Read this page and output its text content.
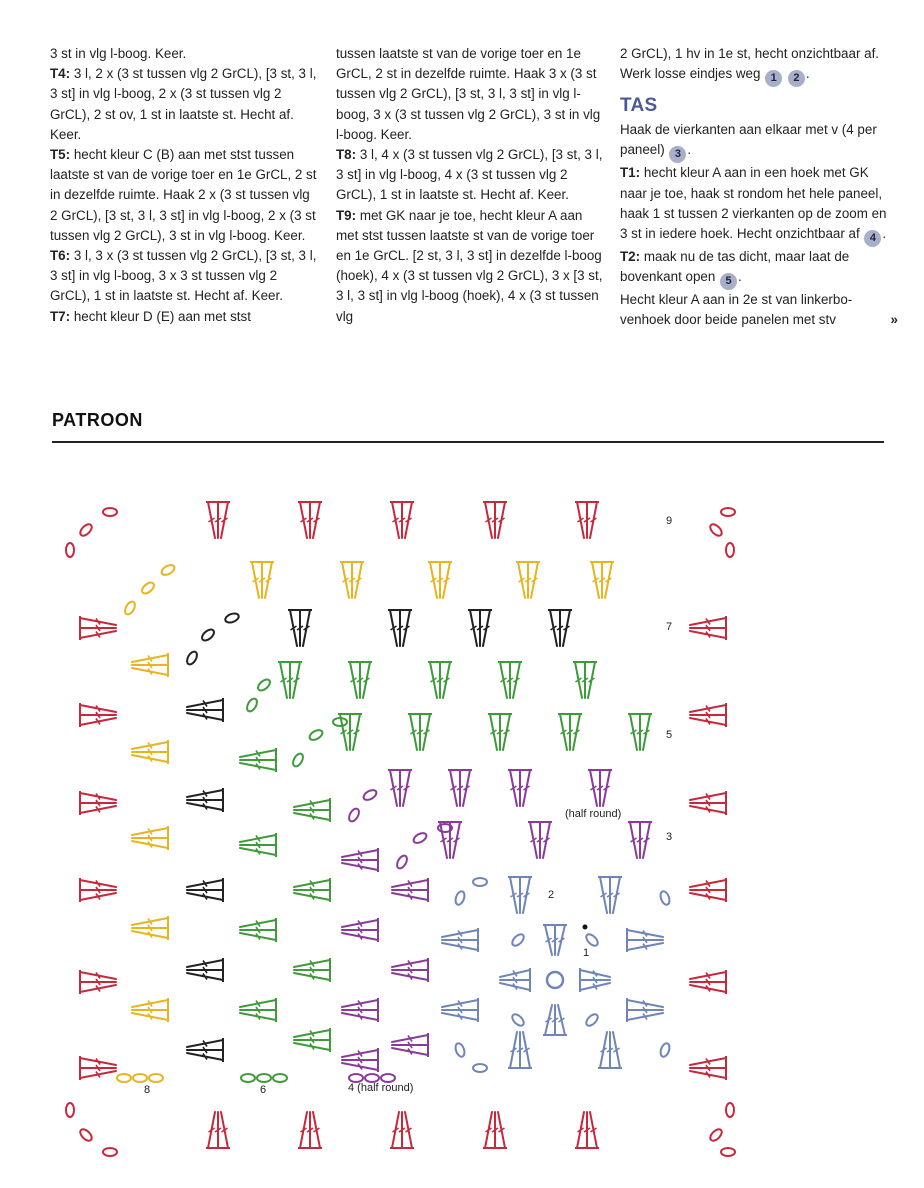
3 st in vlg l-boog. Keer.

T4: 3 l, 2 x (3 st tussen vlg 2 GrCL), [3 st, 3 l, 3 st] in vlg l-boog, 2 x (3 st tussen vlg 2 GrCL), 2 st ov, 1 st in laatste st. Hecht af. Keer.

T5: hecht kleur C (B) aan met stst tussen laatste st van de vorige toer en 1e GrCL, 2 st in dezelfde ruimte. Haak 2 x (3 st tussen vlg 2 GrCL), [3 st, 3 l, 3 st] in vlg l-boog, 2 x (3 st tussen vlg 2 GrCL), 3 st in vlg l-boog. Keer.

T6: 3 l, 3 x (3 st tussen vlg 2 GrCL), [3 st, 3 l, 3 st] in vlg l-boog, 3 x 3 st tussen vlg 2 GrCL), 1 st in laatste st. Hecht af. Keer.

T7: hecht kleur D (E) aan met stst

tussen laatste st van de vorige toer en 1e GrCL, 2 st in dezelfde ruimte. Haak 3 x (3 st tussen vlg 2 GrCL), [3 st, 3 l, 3 st] in vlg l-boog, 3 x (3 st tussen vlg 2 GrCL), 3 st in vlg l-boog. Keer.

T8: 3 l, 4 x (3 st tussen vlg 2 GrCL), [3 st, 3 l, 3 st] in vlg l-boog, 4 x (3 st tussen vlg 2 GrCL), 1 st in laatste st. Hecht af. Keer.

T9: met GK naar je toe, hecht kleur A aan met stst tussen laatste st van de vorige toer en 1e GrCL. [2 st, 3 l, 3 st] in dezelfde l-boog (hoek), 4 x (3 st tussen vlg 2 GrCL), 3 x [3 st, 3 l, 3 st] in vlg l-boog (hoek), 4 x (3 st tussen vlg

2 GrCL), 1 hv in 1e st, hecht onzichtbaar af. Werk losse eindjes weg 1 2 .

TAS

Haak de vierkanten aan elkaar met v (4 per paneel) 3 .

T1: hecht kleur A aan in een hoek met GK naar je toe, haak st rondom het hele paneel, haak 1 st tussen 2 vierkanten op de zoom en 3 st in iedere hoek. Hecht onzichtbaar af 4 .

T2: maak nu de tas dicht, maar laat de bovenkant open 5 .

Hecht kleur A aan in 2e st van linkerbo-venhoek door beide panelen met stv	»

PATROON
2
1
3
5
7
9
(half round)
8	6	4 (half round)
